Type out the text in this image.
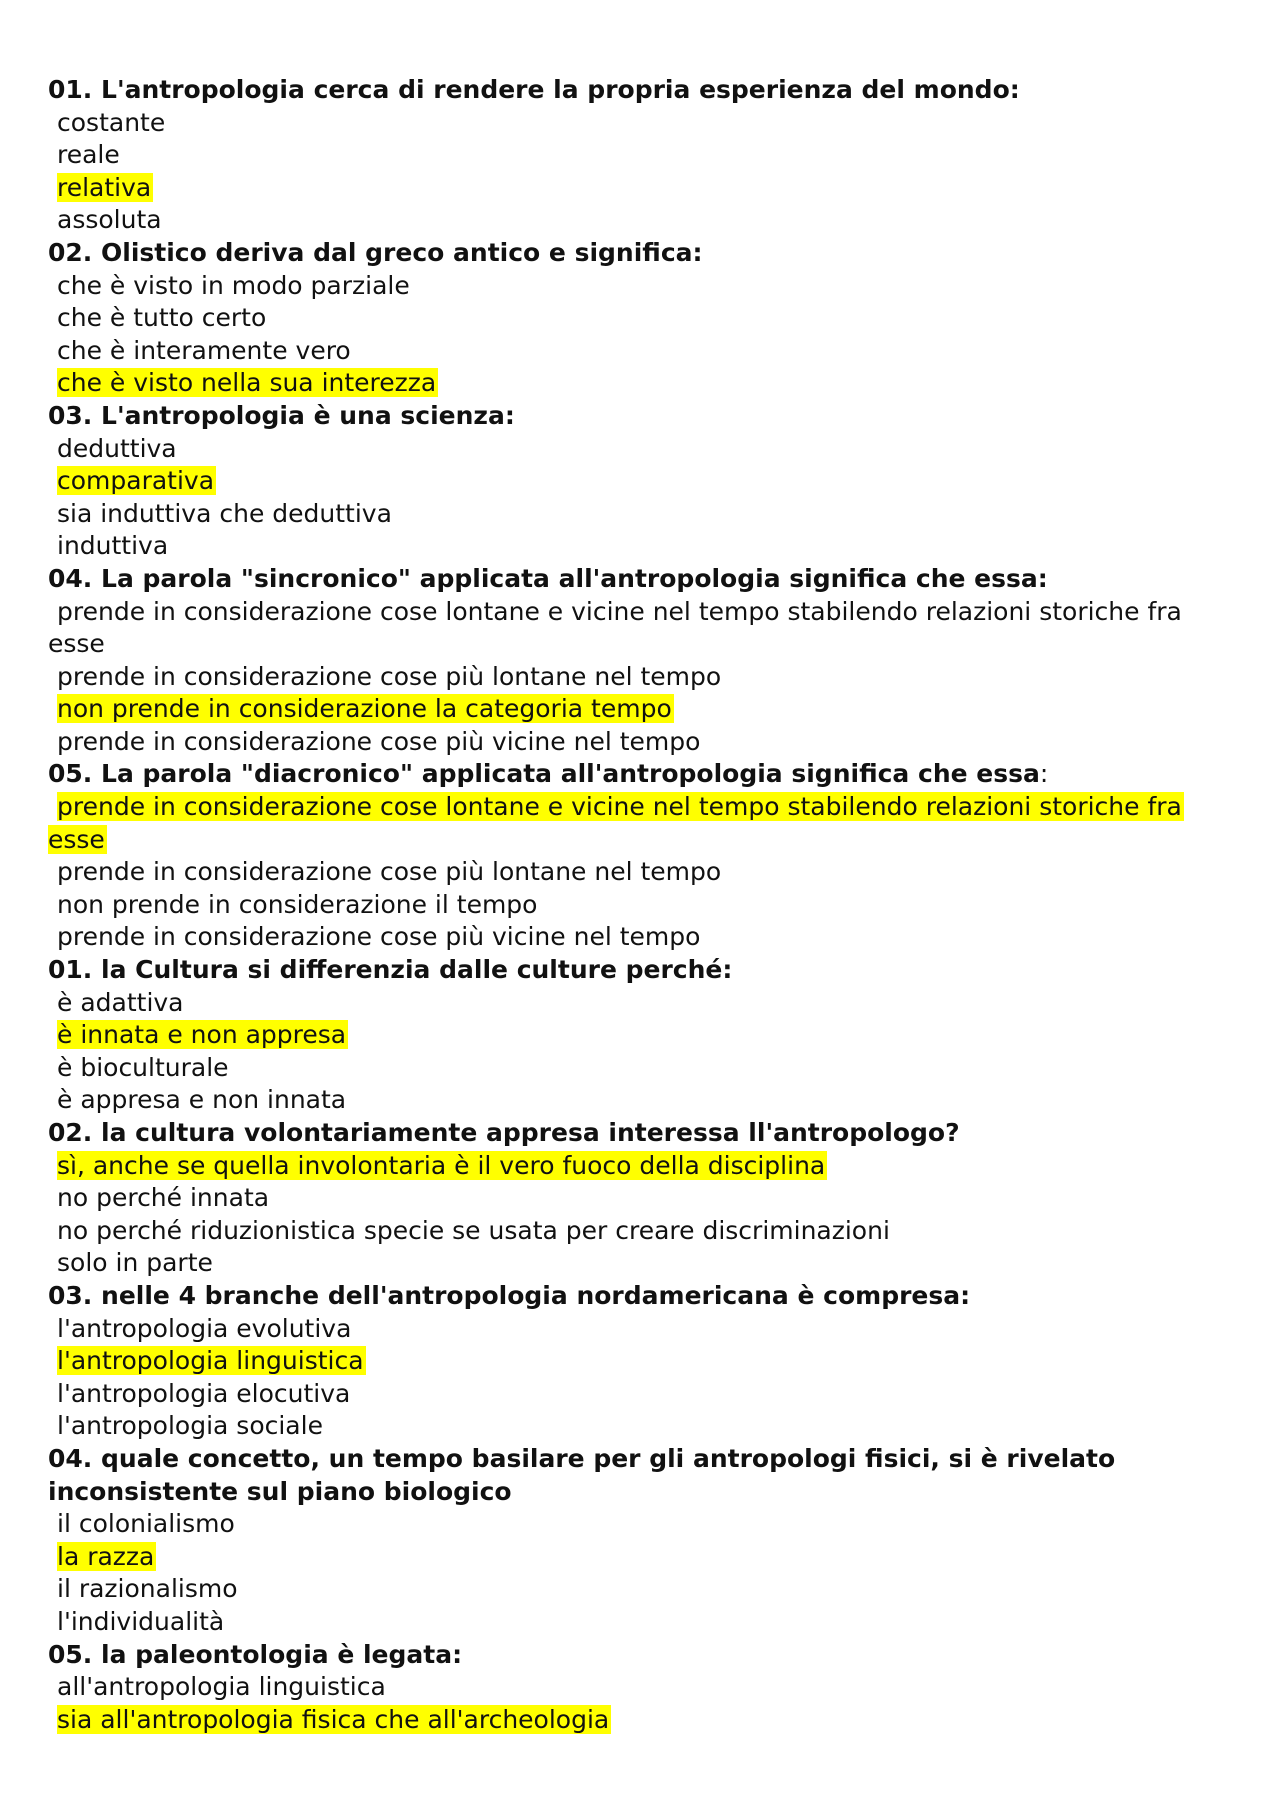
01. L'antropologia cerca di rendere la propria esperienza del mondo:
costante
reale
relativa
assoluta
02. Olistico deriva dal greco antico e significa:
che è visto in modo parziale
che è tutto certo
che è interamente vero
che è visto nella sua interezza
03. L'antropologia è una scienza:
deduttiva
comparativa
sia induttiva che deduttiva
induttiva
04. La parola "sincronico" applicata all'antropologia significa che essa:
prende in considerazione cose lontane e vicine nel tempo stabilendo relazioni storiche fra esse
prende in considerazione cose più lontane nel tempo
non prende in considerazione la categoria tempo
prende in considerazione cose più vicine nel tempo
05. La parola "diacronico" applicata all'antropologia significa che essa:
prende in considerazione cose lontane e vicine nel tempo stabilendo relazioni storiche fra esse
prende in considerazione cose più lontane nel tempo
non prende in considerazione il tempo
prende in considerazione cose più vicine nel tempo
01. la Cultura si differenzia dalle culture perché:
è adattiva
è innata e non appresa
è bioculturale
è appresa e non innata
02. la cultura volontariamente appresa interessa ll'antropologo?
sì, anche se quella involontaria è il vero fuoco della disciplina
no perché innata
no perché riduzionistica specie se usata per creare discriminazioni
solo in parte
03. nelle 4 branche dell'antropologia nordamericana è compresa:
l'antropologia evolutiva
l'antropologia linguistica
l'antropologia elocutiva
l'antropologia sociale
04. quale concetto, un tempo basilare per gli antropologi fisici, si è rivelato inconsistente sul piano biologico
il colonialismo
la razza
il razionalismo
l'individualità
05. la paleontologia è legata:
all'antropologia linguistica
sia all'antropologia fisica che all'archeologia
